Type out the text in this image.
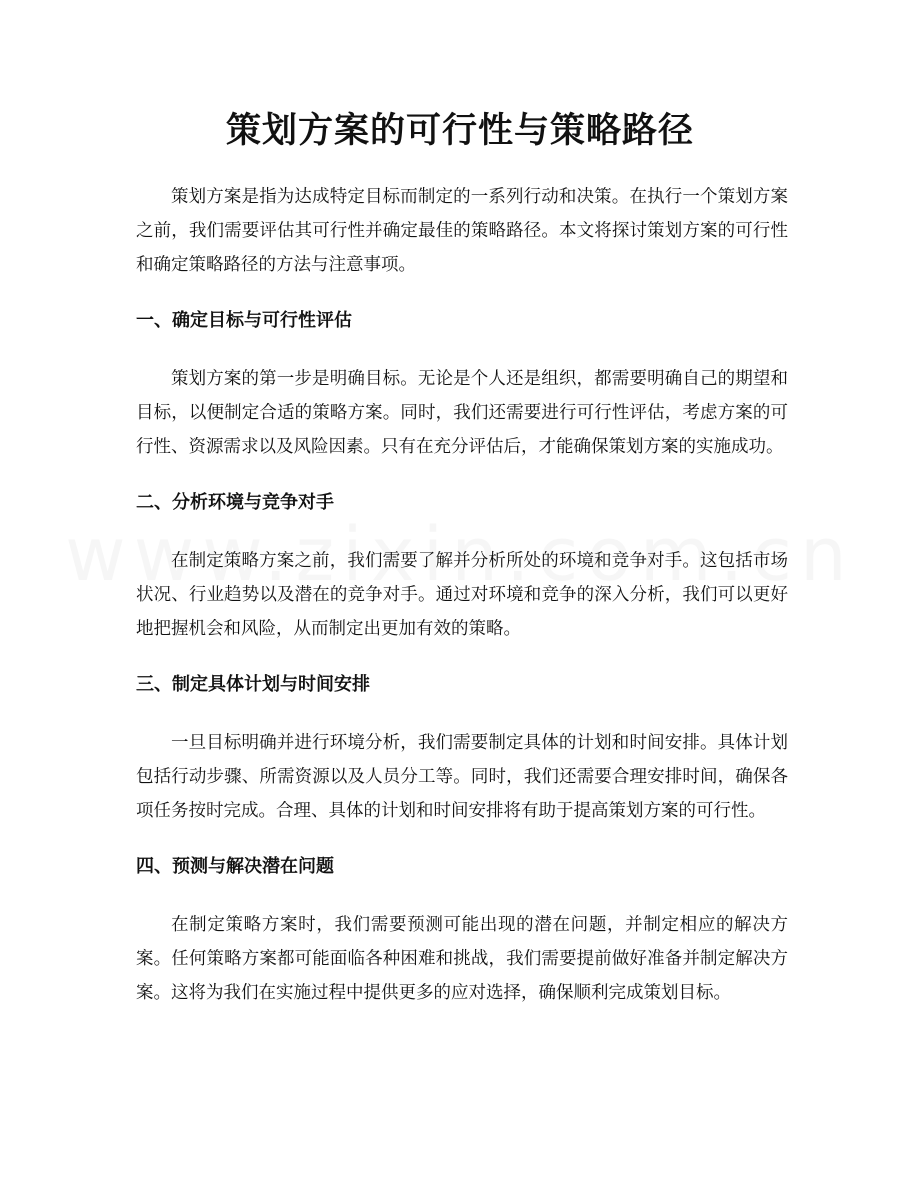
策划方案的可行性与策略路径

策划方案是指为达成特定目标而制定的一系列行动和决策。在执行一个策划方案之前，我们需要评估其可行性并确定最佳的策略路径。本文将探讨策划方案的可行性和确定策略路径的方法与注意事项。

一、确定目标与可行性评估

策划方案的第一步是明确目标。无论是个人还是组织，都需要明确自己的期望和目标，以便制定合适的策略方案。同时，我们还需要进行可行性评估，考虑方案的可行性、资源需求以及风险因素。只有在充分评估后，才能确保策划方案的实施成功。

二、分析环境与竞争对手

在制定策略方案之前，我们需要了解并分析所处的环境和竞争对手。这包括市场状况、行业趋势以及潜在的竞争对手。通过对环境和竞争的深入分析，我们可以更好地把握机会和风险，从而制定出更加有效的策略。

三、制定具体计划与时间安排

一旦目标明确并进行环境分析，我们需要制定具体的计划和时间安排。具体计划包括行动步骤、所需资源以及人员分工等。同时，我们还需要合理安排时间，确保各项任务按时完成。合理、具体的计划和时间安排将有助于提高策划方案的可行性。

四、预测与解决潜在问题

在制定策略方案时，我们需要预测可能出现的潜在问题，并制定相应的解决方案。任何策略方案都可能面临各种困难和挑战，我们需要提前做好准备并制定解决方案。这将为我们在实施过程中提供更多的应对选择，确保顺利完成策划目标。
